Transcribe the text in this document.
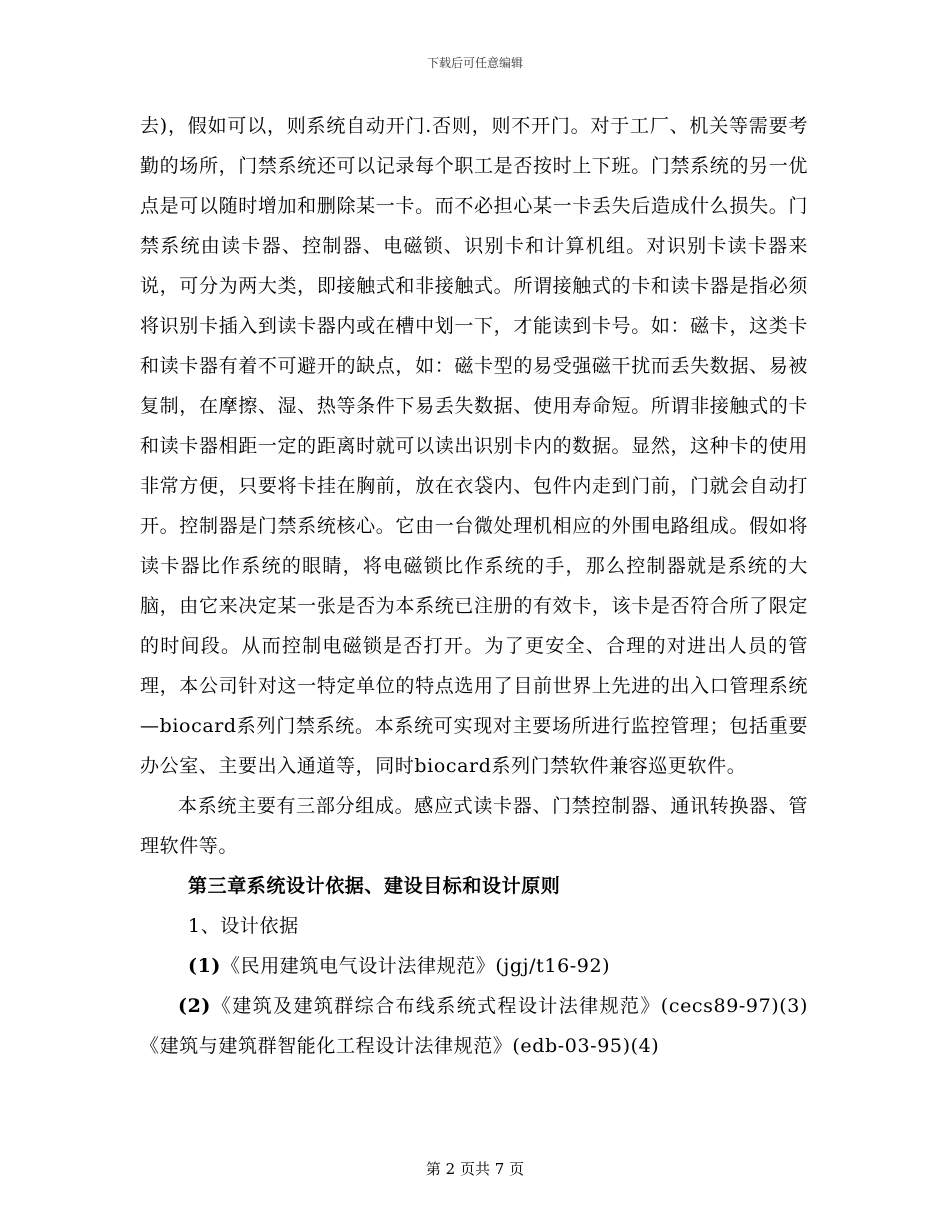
下载后可任意编辑

去)，假如可以，则系统自动开门.否则，则不开门。对于工厂、机关等需要考勤的场所，门禁系统还可以记录每个职工是否按时上下班。门禁系统的另一优点是可以随时增加和删除某一卡。而不必担心某一卡丢失后造成什么损失。门禁系统由读卡器、控制器、电磁锁、识别卡和计算机组。对识别卡读卡器来说，可分为两大类，即接触式和非接触式。所谓接触式的卡和读卡器是指必须将识别卡插入到读卡器内或在槽中划一下，才能读到卡号。如：磁卡，这类卡和读卡器有着不可避开的缺点，如：磁卡型的易受强磁干扰而丢失数据、易被复制，在摩擦、湿、热等条件下易丢失数据、使用寿命短。所谓非接触式的卡和读卡器相距一定的距离时就可以读出识别卡内的数据。显然，这种卡的使用非常方便，只要将卡挂在胸前，放在衣袋内、包件内走到门前，门就会自动打开。控制器是门禁系统核心。它由一台微处理机相应的外围电路组成。假如将读卡器比作系统的眼睛，将电磁锁比作系统的手，那么控制器就是系统的大脑，由它来决定某一张是否为本系统已注册的有效卡，该卡是否符合所了限定的时间段。从而控制电磁锁是否打开。为了更安全、合理的对进出人员的管理，本公司针对这一特定单位的特点选用了目前世界上先进的出入口管理系统—biocard系列门禁系统。本系统可实现对主要场所进行监控管理；包括重要办公室、主要出入通道等，同时biocard系列门禁软件兼容巡更软件。

本系统主要有三部分组成。感应式读卡器、门禁控制器、通讯转换器、管理软件等。

第三章系统设计依据、建设目标和设计原则

1、设计依据

(1)《民用建筑电气设计法律规范》(jgj/t16-92)

(2)《建筑及建筑群综合布线系统式程设计法律规范》(cecs89-97)(3)《建筑与建筑群智能化工程设计法律规范》(edb-03-95)(4)

第 2 页共 7 页
